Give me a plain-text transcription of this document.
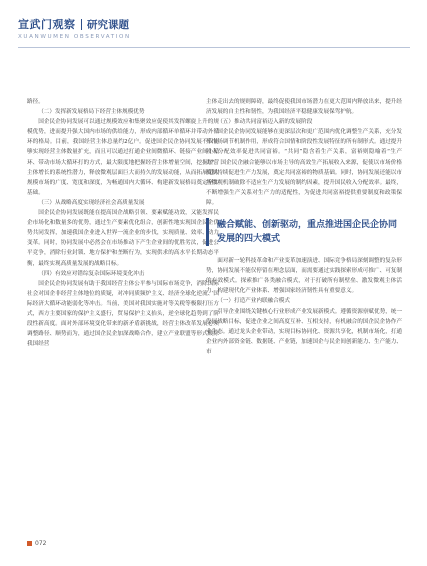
宣武门观察 研究课题
XUANWUMEN OBSERVATION

路径。

（二）发挥新发展格局下经营主体规模优势

国企民企协同发展可以通过规模效应和集聚效应促使其发挥螺旋上升的规模优势，进而提升强大国内市场的供给能力，形成内部循环单循环并带动外循环的格局。目前，我国经营主体总量约2亿户。促进国企民企协同发展不仅能够实现经营主体数量扩充，而且可以通过打通企业间微循环、链接产业间小循环、带动市场大循环打的方式，最大限度地把握经营主体增量空间，挖掘经营主体增长的系统性潜力，释放微观层面巨大而持久的发展动能，从而拓展超大规模市场的广度、宽度和深度，为畅通国内大循环、构建新发展格局奠定坚实基础。

（三）从战略高度实现经济社会高质量发展

国企民企协同发展既能在提高国企战略引领、要素赋能功效，又能发挥民企市场化和数量多的优势，通过生产要素优化组合，创新性地实现国企民企优势共同发挥，加速我国企业进入世界一流企业的步伐，实现质量、效率、动力变革。同时，协同发展中必然会在市场推动下产生企业间的优胜劣汰，促进公平竞争，消除行业封锁、地方保护和垄断行为，实现供求的高水平长期动态平衡，最终实现高质量发展的战略目标。

（四）有效应对错综复杂国际环境变化冲击

国企民企协同发展有助于我国经营主体公平参与国际市场竞争，消除国际社会对国企非经营主体地位的质疑，对冲同质频炉主义、经济全球化逆流、国际经济大循环动能弱化等冲击。当前，美国对我国实施对等关税等极限打压方式，西方主要国家的保护主义盛行，贸易保护主义抬头，逆全球化趋势到了阶段性新高度。面对外部环境变化带来的新矛盾新挑战，经营主体改革发展必须调整路径、顺势而为，通过国企民企加深战略合作，建立产业联盟等形式破除我国经营

主体走出去的规则障碍，最终促使我国市场潜力在更大范围内释放出来，提升经济发展的自主性和韧性，为我国经济平稳健康发展保驾护航。

（五）推动共同富裕迈入新的发展阶段

国企民企协同发展能够在更深层次和更广范围内优化调整生产关系，充分发挥市场调节机制作用，形成符合国情和阶段性发展特征的所有制形式。通过提升收入分配效率促进共同富裕。“共同”隐含着生产关系，富裕则隐喻着“生产力”。国企民企融合能够以市场主导的高效生产拓展收入来源，促使以市场价格机制持续促进生产力发展，奠定共同富裕的物质基础。同时，协同发展还能以市场微观机制破除不适应生产力发展的制约因素，提升国民收入分配效率。最终，不断增强生产关系对生产力的适配性，为促进共同富裕提供重要制度和政策保障。

融合赋能、创新驱动，重点推进国企民企协同发展的四大模式

面对新一轮科技革命和产业变革加速演进、国际竞争格局深刻调整的复杂形势，协同发展不能仅停留在理念层面，而需要通过实践探索形成可推广、可复制的有效模式。探索推广各类融合模式，对于打破所有制壁垒、激发微观主体活力、构建现代化产业体系、增强国家经济韧性具有重要意义。

（一）打造产业内联融合模式

引导企业围绕关键核心行业形成产业发展新模式。遵循资源禀赋优势，统一发展战略目标，促进企业之间高度互补、互相支持，有机融合的国企民企协作产业生态。通过龙头企业带动，实现目标协同化、资源共享化，机制市场化，打通企业内外部资金链、数据链、产业链，加速国企与民企间创新能力、生产能力、市

072
